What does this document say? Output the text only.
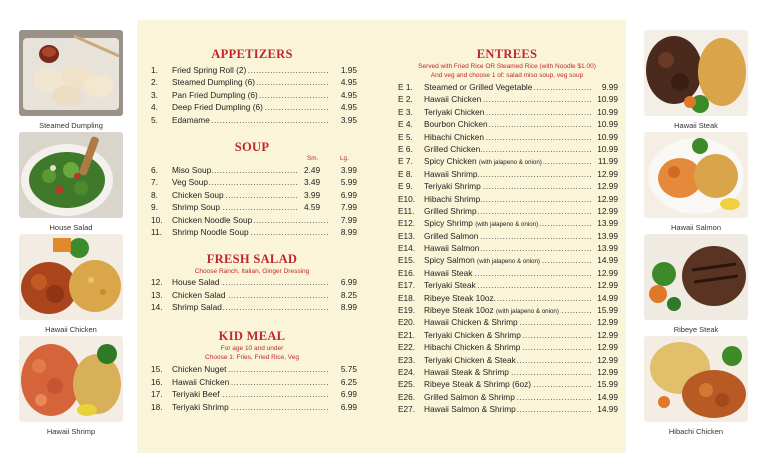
Steamed Dumpling
House Salad
Hawaii Chicken
Hawaii Shrimp
Hawaii Steak
Hawaii Salmon
Ribeye Steak
Hibachi Chicken
APPETIZERS
1. ..... Fried Spring Roll (2)	1.95
2. ..... Steamed Dumpling (6)	4.95
3. ..... Pan Fried Dumpling (6)	4.95
4. ..... Deep Fried Dumpling (6)	4.95
5. ..... Edamame	3.95
SOUP
Sm.	Lg.
6. ..... Miso Soup	2.49 3.99
7. ..... Veg Soup	3.49 5.99
8. ..... Chicken Soup	3.99 6.99
9. ..... Shrimp Soup	4.59 7.99
10. ..... Chicken Noodle Soup	7.99
11. ..... Shrimp Noodle Soup	8.99
FRESH SALAD
Choose Ranch, Italian, Ginger Dressing
12. ..... House Salad	6.99
13. ..... Chicken Salad	8.25
14. ..... Shrimp Salad	8.99
KID MEAL
For age 10 and under
Choose 1: Fries, Fried Rice, Veg
15. ..... Chicken Nuget	5.75
16. ..... Hawaii Chicken	6.25
17. ..... Teriyaki Beef	6.99
18. ..... Teriyaki Shrimp	6.99
ENTREES
Served with Fried Rice OR Steamed Rice (with Noodle $1.00)
And veg and choose 1 of: salad miso soup, veg soup
E 1. ..... Steamed or Grilled Vegetable	9.99
E 2. ..... Hawaii Chicken	10.99
E 3. ..... Teriyaki Chicken	10.99
E 4. ..... Bourbon Chicken	10.99
E 5. ..... Hibachi Chicken	10.99
E 6. ..... Grilled Chicken	10.99
E 7. ..... Spicy Chicken (with jalapeno & onion)	11.99
E 8. ..... Hawaii Shrimp	12.99
E 9. ..... Teriyaki Shrimp	12.99
E10. ..... Hibachi Shrimp	12.99
E11. ..... Grilled Shrimp	12.99
E12. ..... Spicy Shrimp (with jalapeno & onion)	13.99
E13. ..... Grilled Salmon	13.99
E14. ..... Hawaii Salmon	13.99
E15. ..... Spicy Salmon (with jalapeno & onion)	14.99
E16. ..... Hawaii Steak	12.99
E17. ..... Teriyaki Steak	12.99
E18. ..... Ribeye Steak 10oz.	14.99
E19. ..... Ribeye Steak 10oz (with jalapeno & onion)	15.99
E20. ..... Hawaii Chicken & Shrimp	12.99
E21. ..... Teriyaki Chicken & Shrimp	12.99
E22. ..... Hibachi Chicken & Shrimp	12.99
E23. ..... Teriyaki Chicken & Steak	12.99
E24. ..... Hawaii Steak & Shrimp	12.99
E25. ..... Ribeye Steak & Shrimp (6oz)	15.99
E26. ..... Grilled Salmon & Shrimp	14.99
E27. ..... Hawaii Salmon & Shrimp	14.99
